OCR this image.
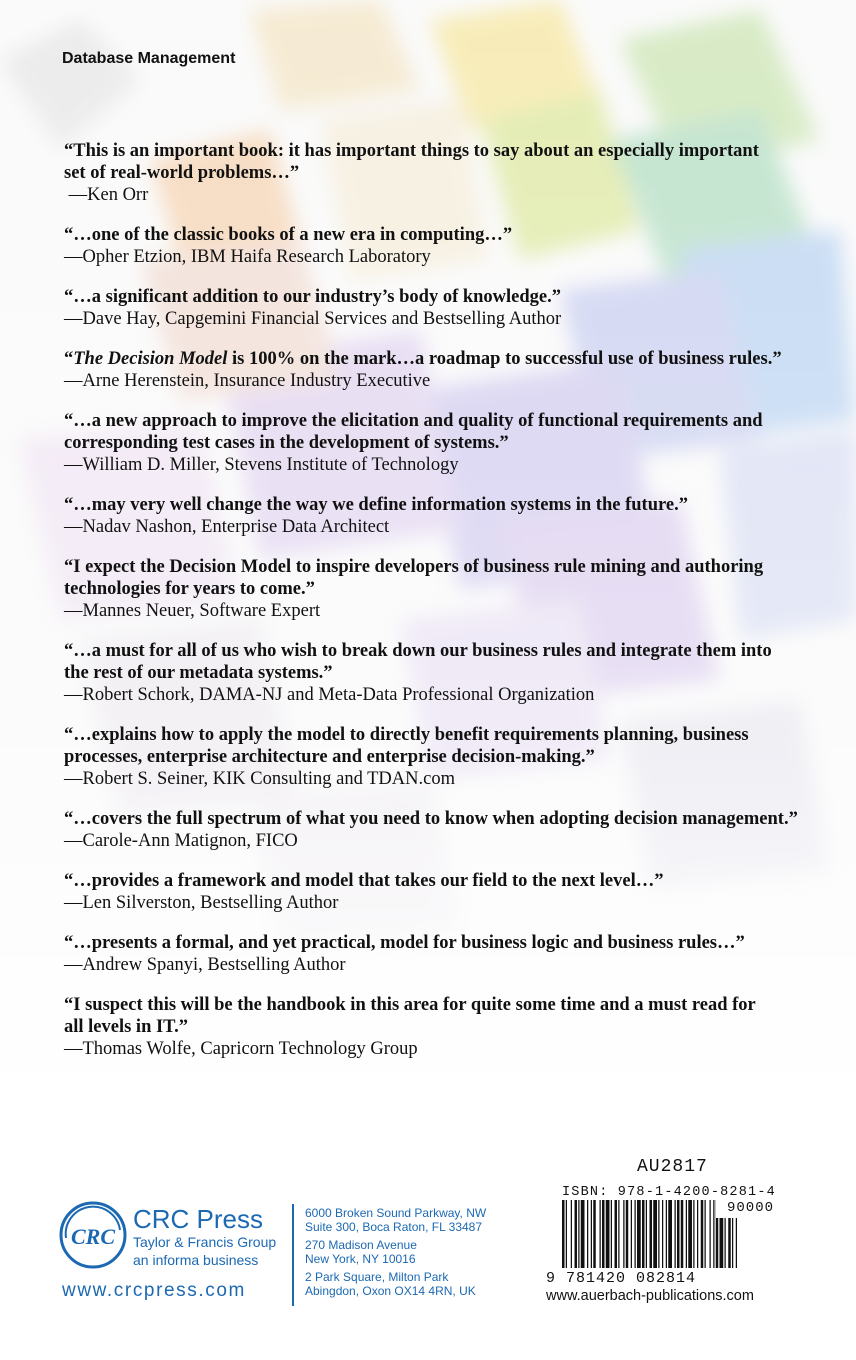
Database Management
“This is an important book: it has important things to say about an especially important
set of real-world problems…”
—Ken Orr
“…one of the classic books of a new era in computing…”
—Opher Etzion, IBM Haifa Research Laboratory
“…a significant addition to our industry’s body of knowledge.”
—Dave Hay, Capgemini Financial Services and Bestselling Author
“The Decision Model is 100% on the mark…a roadmap to successful use of business rules.”
—Arne Herenstein, Insurance Industry Executive
“…a new approach to improve the elicitation and quality of functional requirements and
corresponding test cases in the development of systems.”
—William D. Miller, Stevens Institute of Technology
“…may very well change the way we define information systems in the future.”
—Nadav Nashon, Enterprise Data Architect
“I expect the Decision Model to inspire developers of business rule mining and authoring
technologies for years to come.”
—Mannes Neuer, Software Expert
“…a must for all of us who wish to break down our business rules and integrate them into
the rest of our metadata systems.”
—Robert Schork, DAMA-NJ and Meta-Data Professional Organization
“…explains how to apply the model to directly benefit requirements planning, business
processes, enterprise architecture and enterprise decision-making.”
—Robert S. Seiner, KIK Consulting and TDAN.com
“…covers the full spectrum of what you need to know when adopting decision management.”
—Carole-Ann Matignon, FICO
“…provides a framework and model that takes our field to the next level…”
—Len Silverston, Bestselling Author
“…presents a formal, and yet practical, model for business logic and business rules…”
—Andrew Spanyi, Bestselling Author
“I suspect this will be the handbook in this area for quite some time and a must read for
all levels in IT.”
—Thomas Wolfe, Capricorn Technology Group
CRC
CRC Press
Taylor & Francis Group
an informa business
www.crcpress.com
6000 Broken Sound Parkway, NW
Suite 300, Boca Raton, FL 33487
270 Madison Avenue
New York, NY 10016
2 Park Square, Milton Park
Abingdon, Oxon OX14 4RN, UK
AU2817
ISBN: 978-1-4200-8281-4
90000
9 781420 082814
www.auerbach-publications.com
